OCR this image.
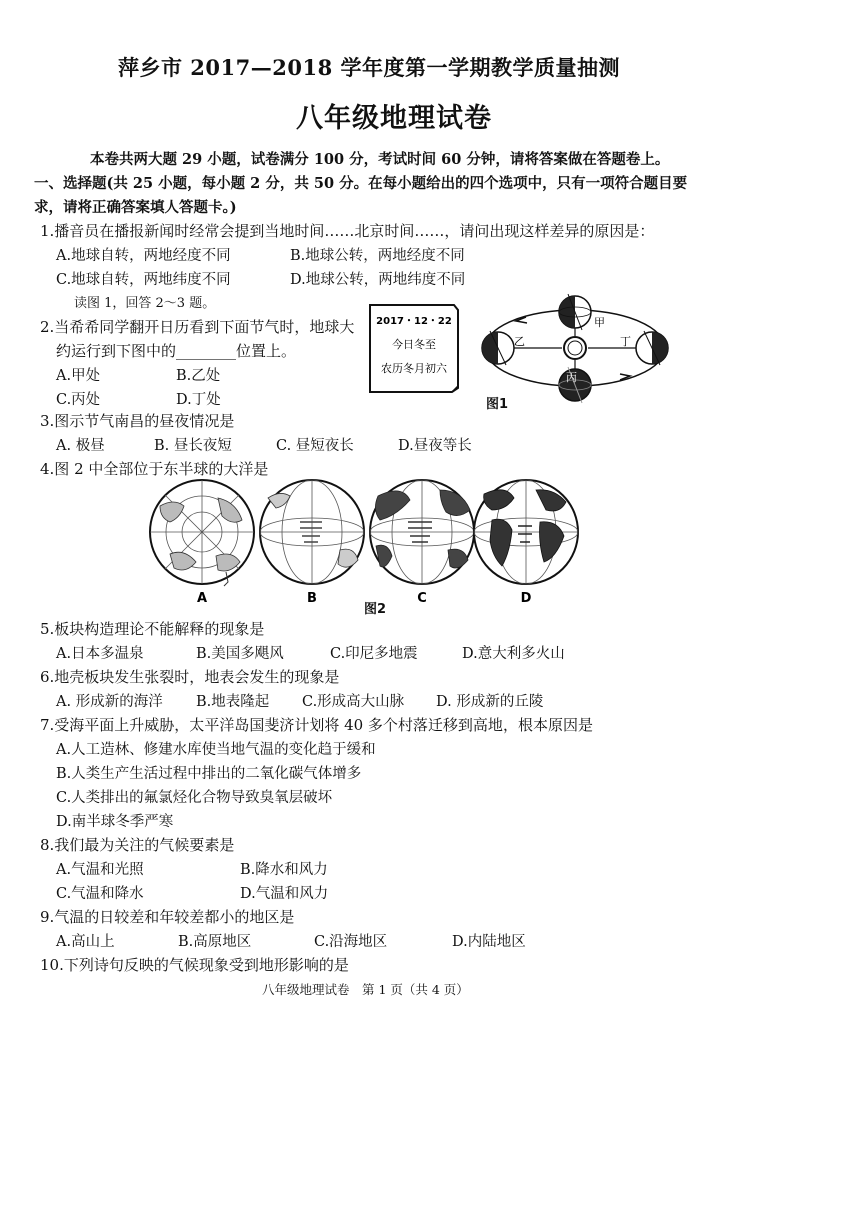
萍乡市 2017—2018 学年度第一学期教学质量抽测
八年级地理试卷
本卷共两大题 29 小题，试卷满分 100 分，考试时间 60 分钟，请将答案做在答题卷上。
一、选择题(共 25 小题，每小题 2 分，共 50 分。在每小题给出的四个选项中，只有一项符合题目要
求，请将正确答案填人答题卡。)
1.播音员在播报新闻时经常会提到当地时间……北京时间……，请问出现这样差异的原因是：
A.地球自转，两地经度不同	B.地球公转，两地经度不同
C.地球自转，两地纬度不同	D.地球公转，两地纬度不同
读图 1，回答 2～3 题。
2.当希希同学翻开日历看到下面节气时，地球大
约运行到下图中的________位置上。
A.甲处	B.乙处
C.丙处	D.丁处
2017・12・22
今日冬至
农历冬月初六
甲
乙
丙
丁
图1
3.图示节气南昌的昼夜情况是
A. 极昼	B. 昼长夜短	C. 昼短夜长	D.昼夜等长
4.图 2 中全部位于东半球的大洋是
A	B	C	D
图2
5.板块构造理论不能解释的现象是
A.日本多温泉	B.美国多飓风	C.印尼多地震	D.意大利多火山
6.地壳板块发生张裂时，地表会发生的现象是
A. 形成新的海洋 B.地表隆起 C.形成高大山脉 D. 形成新的丘陵
7.受海平面上升威胁，太平洋岛国斐济计划将 40 多个村落迁移到高地，根本原因是
A.人工造林、修建水库使当地气温的变化趋于缓和
B.人类生产生活过程中排出的二氧化碳气体增多
C.人类排出的氟氯烃化合物导致臭氧层破坏
D.南半球冬季严寒
8.我们最为关注的气候要素是
A.气温和光照	B.降水和风力
C.气温和降水	D.气温和风力
9.气温的日较差和年较差都小的地区是
A.高山上	B.高原地区	C.沿海地区	D.内陆地区
10.下列诗句反映的气候现象受到地形影响的是
八年级地理试卷　第 1 页（共 4 页）
